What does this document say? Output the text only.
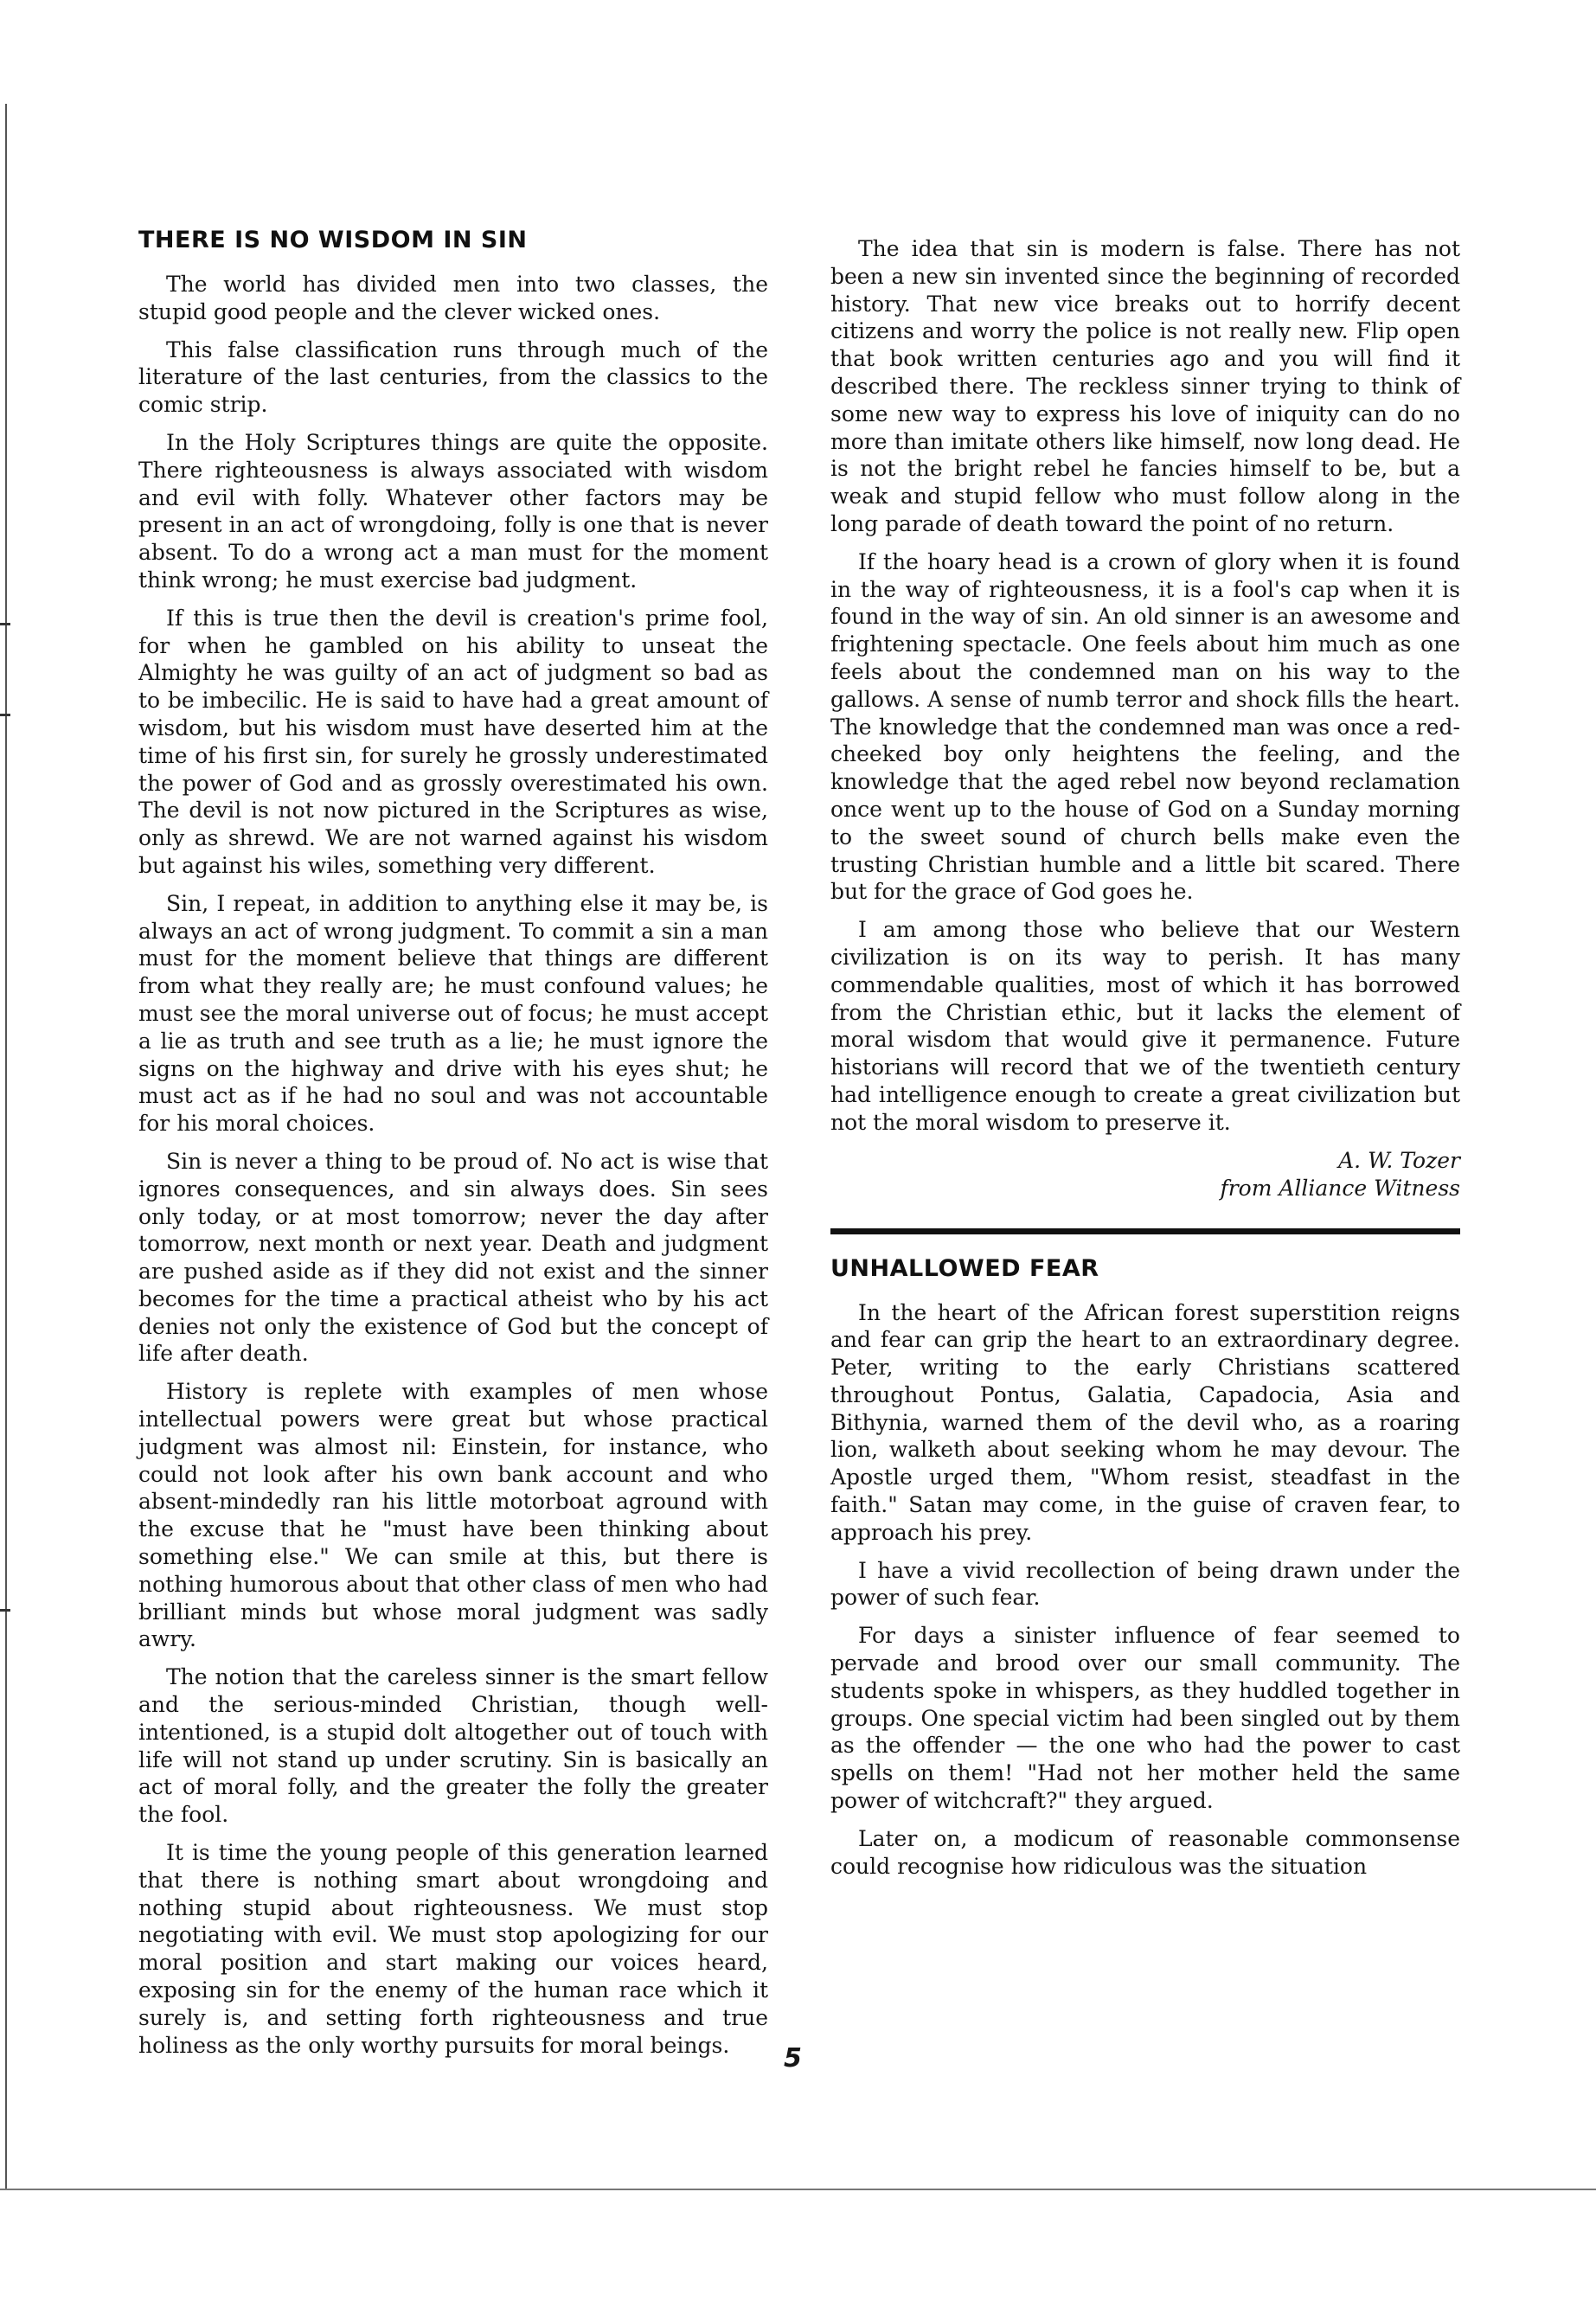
THERE IS NO WISDOM IN SIN

The world has divided men into two classes, the stupid good people and the clever wicked ones.

This false classification runs through much of the literature of the last centuries, from the classics to the comic strip.

In the Holy Scriptures things are quite the opposite. There righteousness is always associated with wisdom and evil with folly. Whatever other factors may be present in an act of wrongdoing, folly is one that is never absent. To do a wrong act a man must for the moment think wrong; he must exercise bad judgment.

If this is true then the devil is creation's prime fool, for when he gambled on his ability to unseat the Almighty he was guilty of an act of judgment so bad as to be imbecilic. He is said to have had a great amount of wisdom, but his wisdom must have deserted him at the time of his first sin, for surely he grossly underestimated the power of God and as grossly overestimated his own. The devil is not now pictured in the Scriptures as wise, only as shrewd. We are not warned against his wisdom but against his wiles, something very different.

Sin, I repeat, in addition to anything else it may be, is always an act of wrong judgment. To commit a sin a man must for the moment believe that things are different from what they really are; he must confound values; he must see the moral universe out of focus; he must accept a lie as truth and see truth as a lie; he must ignore the signs on the highway and drive with his eyes shut; he must act as if he had no soul and was not accountable for his moral choices.

Sin is never a thing to be proud of. No act is wise that ignores consequences, and sin always does. Sin sees only today, or at most tomorrow; never the day after tomorrow, next month or next year. Death and judgment are pushed aside as if they did not exist and the sinner becomes for the time a practical atheist who by his act denies not only the existence of God but the concept of life after death.

History is replete with examples of men whose intellectual powers were great but whose practical judgment was almost nil: Einstein, for instance, who could not look after his own bank account and who absent-mindedly ran his little motorboat aground with the excuse that he "must have been thinking about something else." We can smile at this, but there is nothing humorous about that other class of men who had brilliant minds but whose moral judgment was sadly awry.

The notion that the careless sinner is the smart fellow and the serious-minded Christian, though well-intentioned, is a stupid dolt altogether out of touch with life will not stand up under scrutiny. Sin is basically an act of moral folly, and the greater the folly the greater the fool.

It is time the young people of this generation learned that there is nothing smart about wrongdoing and nothing stupid about righteousness. We must stop negotiating with evil. We must stop apologizing for our moral position and start making our voices heard, exposing sin for the enemy of the human race which it surely is, and setting forth righteousness and true holiness as the only worthy pursuits for moral beings.

The idea that sin is modern is false. There has not been a new sin invented since the beginning of recorded history. That new vice breaks out to horrify decent citizens and worry the police is not really new. Flip open that book written centuries ago and you will find it described there. The reckless sinner trying to think of some new way to express his love of iniquity can do no more than imitate others like himself, now long dead. He is not the bright rebel he fancies himself to be, but a weak and stupid fellow who must follow along in the long parade of death toward the point of no return.

If the hoary head is a crown of glory when it is found in the way of righteousness, it is a fool's cap when it is found in the way of sin. An old sinner is an awesome and frightening spectacle. One feels about him much as one feels about the condemned man on his way to the gallows. A sense of numb terror and shock fills the heart. The knowledge that the condemned man was once a red-cheeked boy only heightens the feeling, and the knowledge that the aged rebel now beyond reclamation once went up to the house of God on a Sunday morning to the sweet sound of church bells make even the trusting Christian humble and a little bit scared. There but for the grace of God goes he.

I am among those who believe that our Western civilization is on its way to perish. It has many commendable qualities, most of which it has borrowed from the Christian ethic, but it lacks the element of moral wisdom that would give it permanence. Future historians will record that we of the twentieth century had intelligence enough to create a great civilization but not the moral wisdom to preserve it.

A. W. Tozer
from Alliance Witness
UNHALLOWED FEAR

In the heart of the African forest superstition reigns and fear can grip the heart to an extraordinary degree. Peter, writing to the early Christians scattered throughout Pontus, Galatia, Capadocia, Asia and Bithynia, warned them of the devil who, as a roaring lion, walketh about seeking whom he may devour. The Apostle urged them, "Whom resist, steadfast in the faith." Satan may come, in the guise of craven fear, to approach his prey.

I have a vivid recollection of being drawn under the power of such fear.

For days a sinister influence of fear seemed to pervade and brood over our small community. The students spoke in whispers, as they huddled together in groups. One special victim had been singled out by them as the offender — the one who had the power to cast spells on them! "Had not her mother held the same power of witchcraft?" they argued.

Later on, a modicum of reasonable commonsense could recognise how ridiculous was the situation

5
